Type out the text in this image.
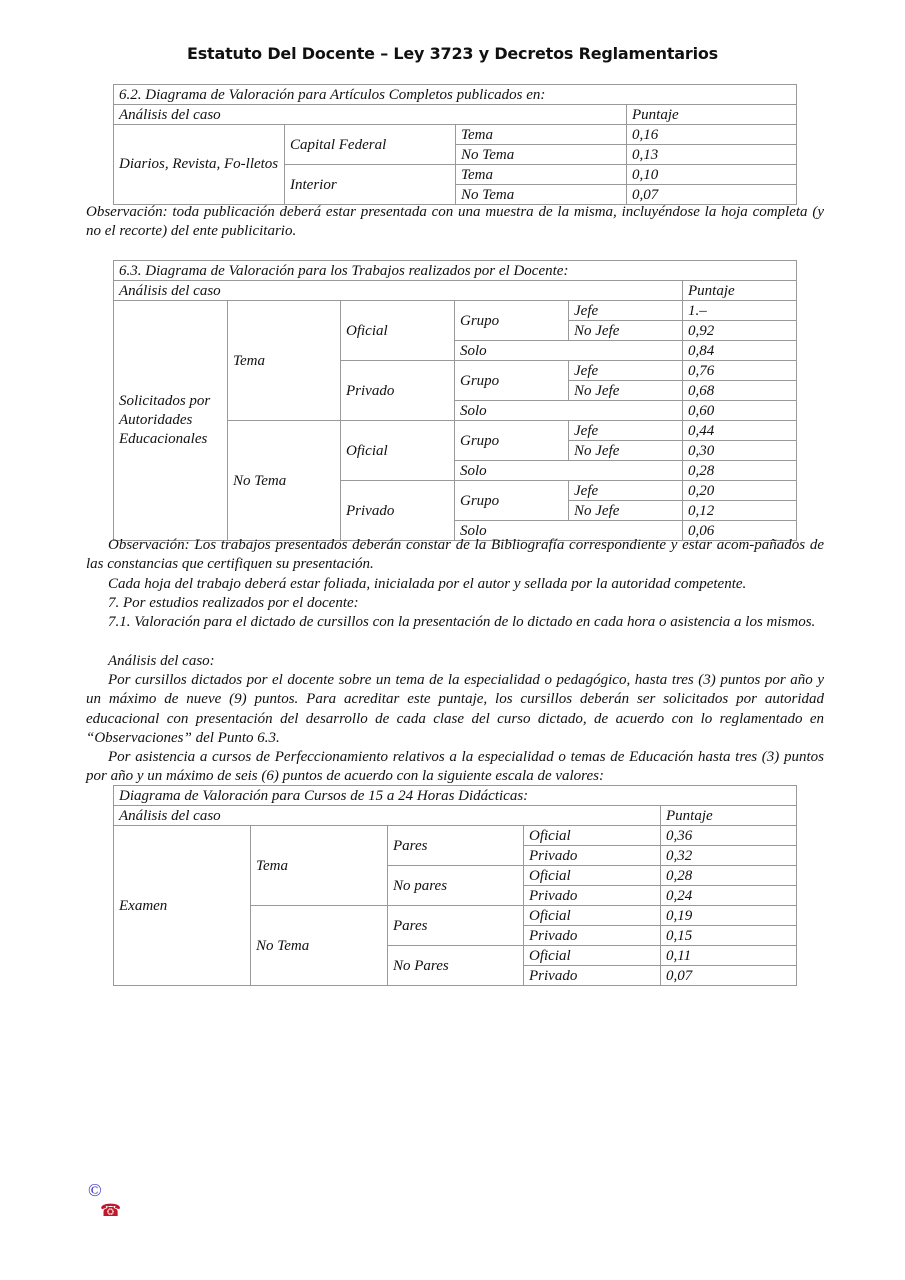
Estatuto Del Docente – Ley 3723 y Decretos Reglamentarios
6.2. Diagrama de Valoración para Artículos Completos publicados en:			
Análisis del caso			Puntaje
Diarios, Revista, Fo-lletos	Capital Federal	Tema	0,16
		No Tema	0,13
	Interior	Tema	0,10
		No Tema	0,07

Observación: toda publicación deberá estar presentada con una muestra de la misma, incluyéndose la hoja completa (y no el recorte) del ente publicitario.

6.3. Diagrama de Valoración para los Trabajos realizados por el Docente:					
Análisis del caso					Puntaje
Solicitados por Autoridades Educacionales	Tema	Oficial	Grupo	Jefe	1.–
				No Jefe	0,92
			Solo		0,84
		Privado	Grupo	Jefe	0,76
				No Jefe	0,68
			Solo		0,60
	No Tema	Oficial	Grupo	Jefe	0,44
				No Jefe	0,30
			Solo		0,28
		Privado	Grupo	Jefe	0,20
				No Jefe	0,12
			Solo		0,06

Observación: Los trabajos presentados deberán constar de la Bibliografía correspondiente y estar acom-pañados de las constancias que certifiquen su presentación.

Cada hoja del trabajo deberá estar foliada, inicialada por el autor y sellada por la autoridad competente.

7. Por estudios realizados por el docente:

7.1. Valoración para el dictado de cursillos con la presentación de lo dictado en cada hora o asistencia a los mismos.

Análisis del caso:

Por cursillos dictados por el docente sobre un tema de la especialidad o pedagógico, hasta tres (3) puntos por año y un máximo de nueve (9) puntos. Para acreditar este puntaje, los cursillos deberán ser solicitados por autoridad educacional con presentación del desarrollo de cada clase del curso dictado, de acuerdo con lo reglamentado en “Observaciones” del Punto 6.3.

Por asistencia a cursos de Perfeccionamiento relativos a la especialidad o temas de Educación hasta tres (3) puntos por año y un máximo de seis (6) puntos de acuerdo con la siguiente escala de valores:

Diagrama de Valoración para Cursos de 15 a 24 Horas Didácticas:				
Análisis del caso				Puntaje
Examen	Tema	Pares	Oficial	0,36
			Privado	0,32
		No pares	Oficial	0,28
			Privado	0,24
	No Tema	Pares	Oficial	0,19
			Privado	0,15
		No Pares	Oficial	0,11
			Privado	0,07
©
☎
